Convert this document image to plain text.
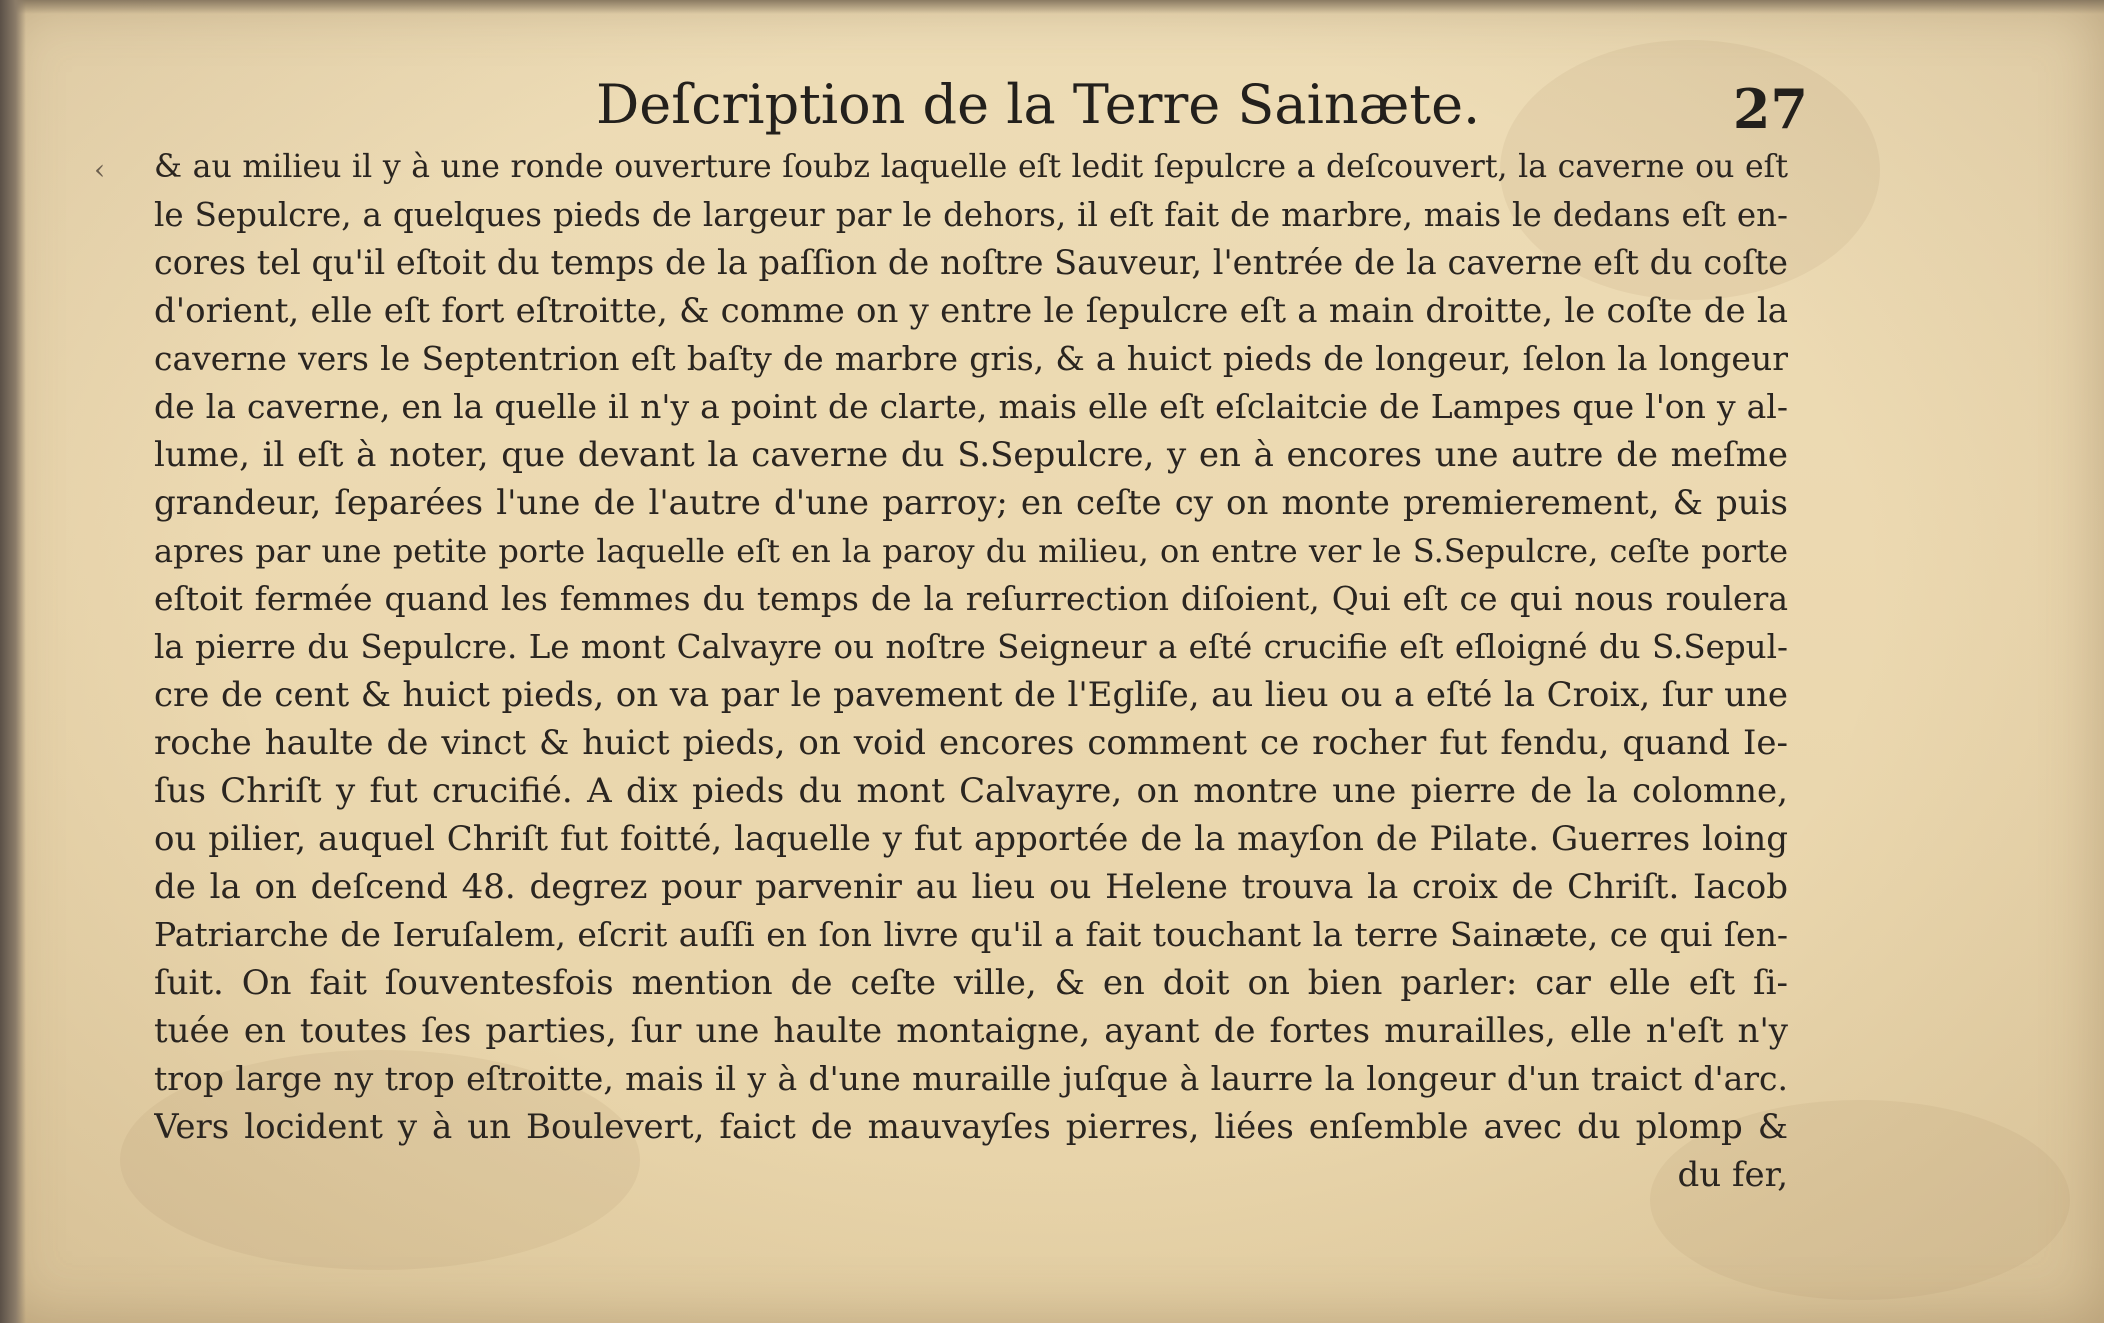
Deſcription de la Terre Sainӕte.	27
‹	& au milieu il y à une ronde ouverture ſoubz laquelle eſt ledit ſepulcre a deſcouvert, la caverne ou eſt
le Sepulcre, a quelques pieds de largeur par le dehors, il eſt fait de marbre, mais le dedans eſt en-
cores tel qu'il eſtoit du temps de la paſſion de noſtre Sauveur, l'entrée de la caverne eſt du coſte
d'orient, elle eſt fort eſtroitte, & comme on y entre le ſepulcre eſt a main droitte, le coſte de la
caverne vers le Septentrion eſt baſty de marbre gris, & a huict pieds de longeur, ſelon la longeur
de la caverne, en la quelle il n'y a point de clarte, mais elle eſt eſclaitcie de Lampes que l'on y al-
lume, il eſt à noter, que devant la caverne du S.Sepulcre, y en à encores une autre de meſme
grandeur, ſeparées l'une de l'autre d'une parroy; en ceſte cy on monte premierement, & puis
apres par une petite porte laquelle eſt en la paroy du milieu, on entre ver le S.Sepulcre, ceſte porte
eſtoit fermée quand les femmes du temps de la reſurrection diſoient, Qui eſt ce qui nous roulera
la pierre du Sepulcre. Le mont Calvayre ou noſtre Seigneur a eſté crucifie eſt eſloigné du S.Sepul-
cre de cent & huict pieds, on va par le pavement de l'Egliſe, au lieu ou a eſté la Croix, ſur une
roche haulte de vinct & huict pieds, on void encores comment ce rocher fut fendu, quand Ie-
ſus Chriſt y fut crucifié. A dix pieds du mont Calvayre, on montre une pierre de la colomne,
ou pilier, auquel Chriſt fut foitté, laquelle y fut apportée de la mayſon de Pilate. Guerres loing
de la on deſcend 48. degrez pour parvenir au lieu ou Helene trouva la croix de Chriſt. Iacob
Patriarche de Ieruſalem, eſcrit auſſi en ſon livre qu'il a fait touchant la terre Sainӕte, ce qui ſen-
ſuit. On fait ſouventesfois mention de ceſte ville, & en doit on bien parler: car elle eſt ſi-
tuée en toutes ſes parties, ſur une haulte montaigne, ayant de fortes murailles, elle n'eſt n'y
trop large ny trop eſtroitte, mais il y à d'une muraille juſque à laurre la longeur d'un traict d'arc.
Vers locident y à un Boulevert, faict de mauvayſes pierres, liées enſemble avec du plomp &
du fer,
